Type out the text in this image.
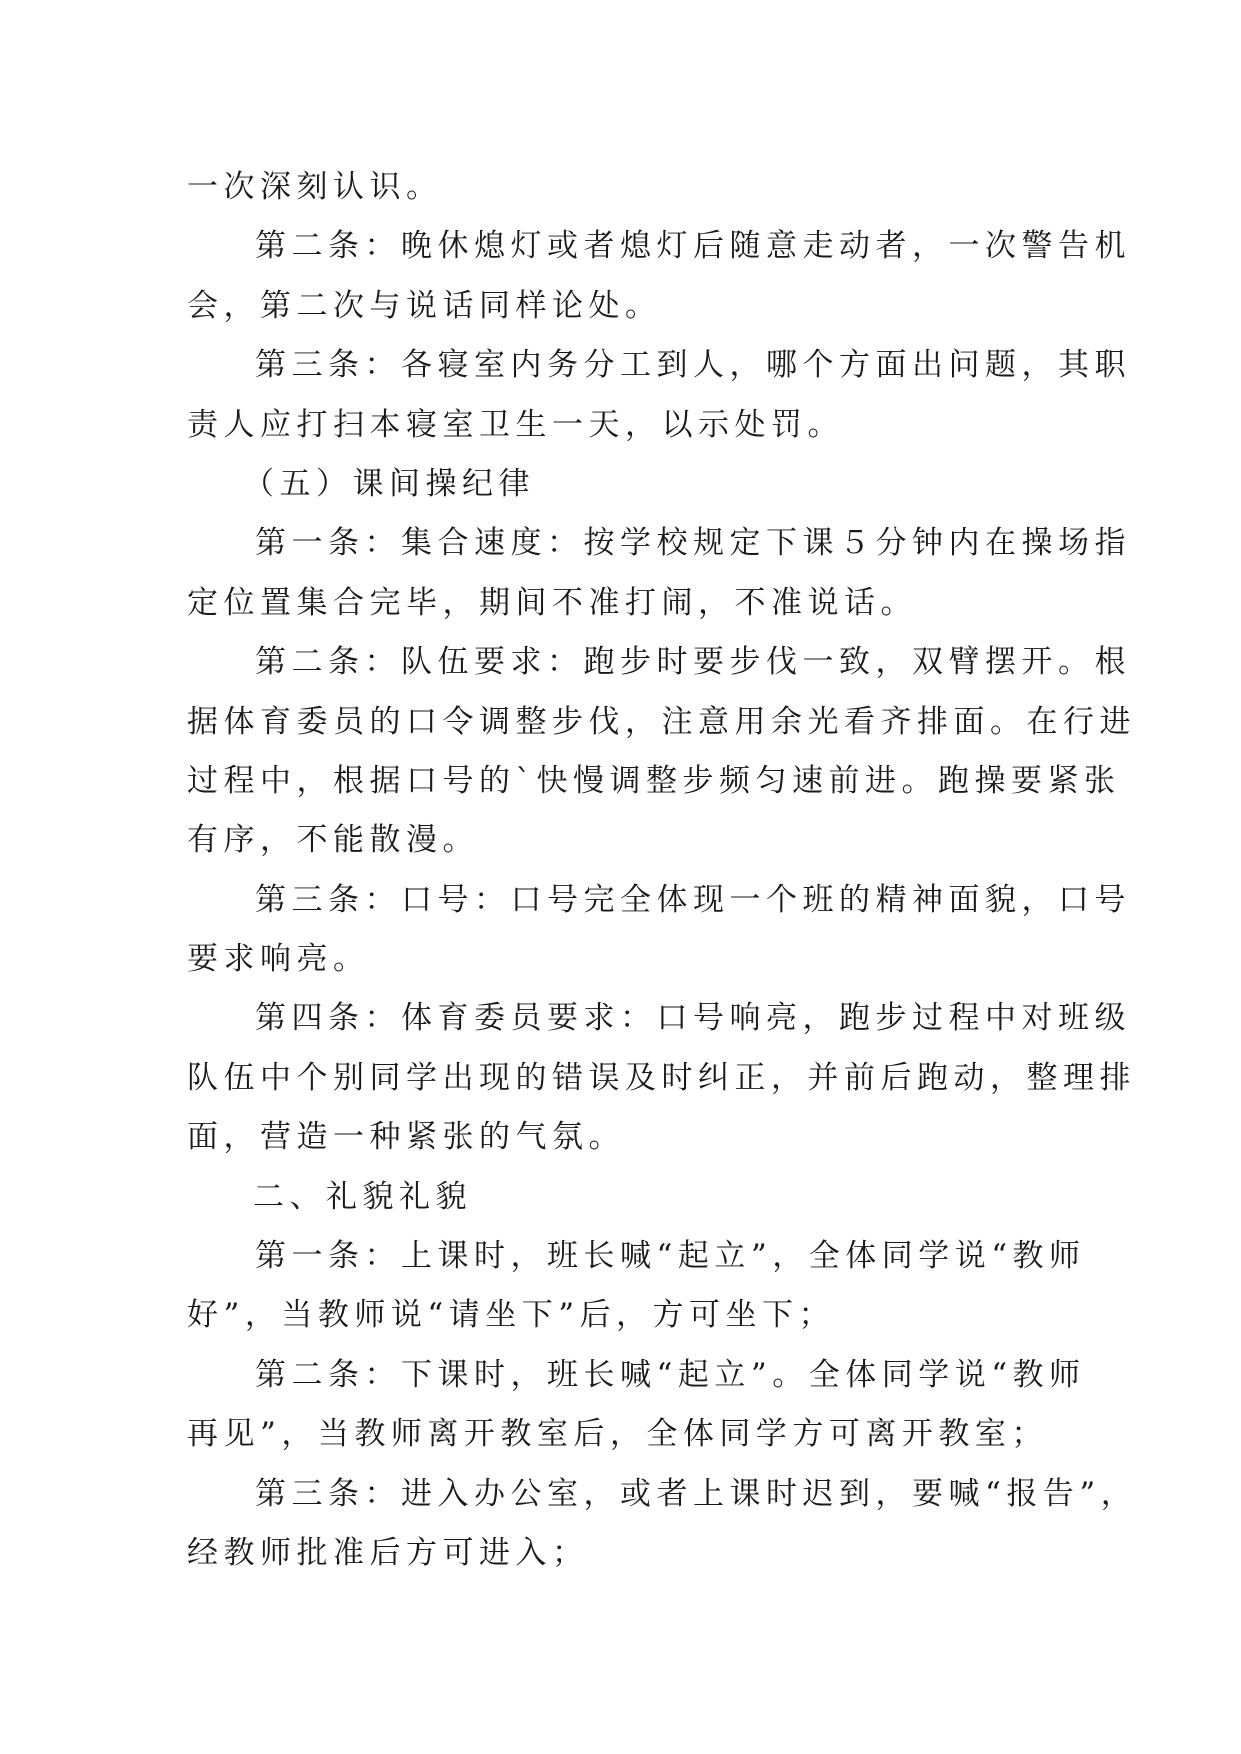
一次深刻认识。
第二条：晚休熄灯或者熄灯后随意走动者，一次警告机
会，第二次与说话同样论处。
第三条：各寝室内务分工到人，哪个方面出问题，其职
责人应打扫本寝室卫生一天，以示处罚。
（五）课间操纪律
第一条：集合速度：按学校规定下课５分钟内在操场指
定位置集合完毕，期间不准打闹，不准说话。
第二条：队伍要求：跑步时要步伐一致，双臂摆开。根
据体育委员的口令调整步伐，注意用余光看齐排面。在行进
过程中，根据口号的`快慢调整步频匀速前进。跑操要紧张
有序，不能散漫。
第三条：口号：口号完全体现一个班的精神面貌，口号
要求响亮。
第四条：体育委员要求：口号响亮，跑步过程中对班级
队伍中个别同学出现的错误及时纠正，并前后跑动，整理排
面，营造一种紧张的气氛。
二、礼貌礼貌
第一条：上课时，班长喊“起立”，全体同学说“教师
好”，当教师说“请坐下”后，方可坐下；
第二条：下课时，班长喊“起立”。全体同学说“教师
再见”，当教师离开教室后，全体同学方可离开教室；
第三条：进入办公室，或者上课时迟到，要喊“报告”，
经教师批准后方可进入；
